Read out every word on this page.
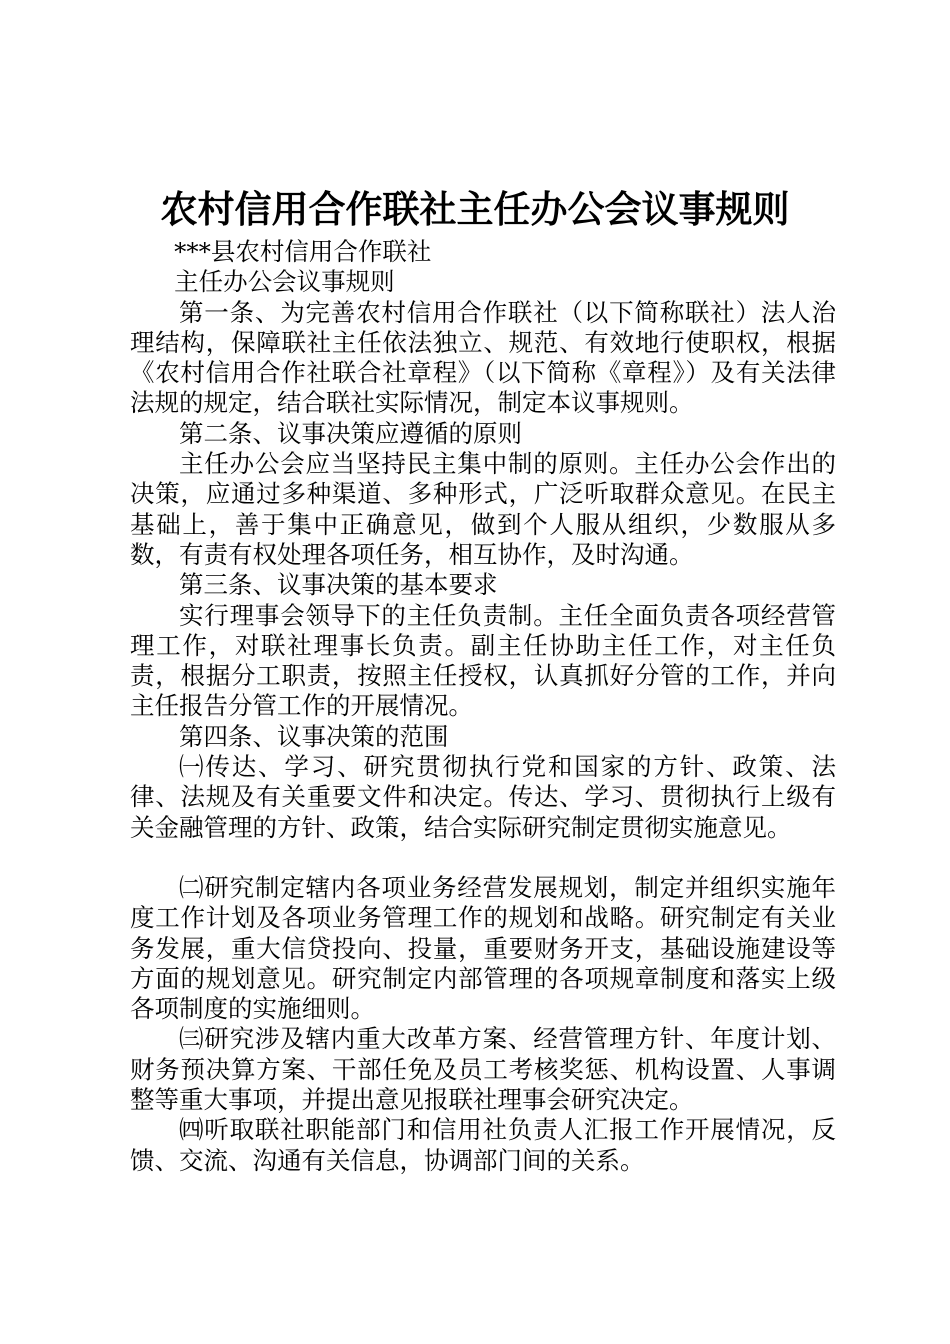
农村信用合作联社主任办公会议事规则

***县农村信用合作联社

主任办公会议事规则

第一条、为完善农村信用合作联社（以下简称联社）法人治理结构，保障联社主任依法独立、规范、有效地行使职权，根据《农村信用合作社联合社章程》（以下简称《章程》）及有关法律法规的规定，结合联社实际情况，制定本议事规则。

第二条、议事决策应遵循的原则

主任办公会应当坚持民主集中制的原则。主任办公会作出的决策，应通过多种渠道、多种形式，广泛听取群众意见。在民主基础上，善于集中正确意见，做到个人服从组织，少数服从多数，有责有权处理各项任务，相互协作，及时沟通。

第三条、议事决策的基本要求

实行理事会领导下的主任负责制。主任全面负责各项经营管理工作，对联社理事长负责。副主任协助主任工作，对主任负责，根据分工职责，按照主任授权，认真抓好分管的工作，并向主任报告分管工作的开展情况。

第四条、议事决策的范围

㈠传达、学习、研究贯彻执行党和国家的方针、政策、法律、法规及有关重要文件和决定。传达、学习、贯彻执行上级有关金融管理的方针、政策，结合实际研究制定贯彻实施意见。

㈡研究制定辖内各项业务经营发展规划，制定并组织实施年度工作计划及各项业务管理工作的规划和战略。研究制定有关业务发展，重大信贷投向、投量，重要财务开支，基础设施建设等方面的规划意见。研究制定内部管理的各项规章制度和落实上级各项制度的实施细则。

㈢研究涉及辖内重大改革方案、经营管理方针、年度计划、财务预决算方案、干部任免及员工考核奖惩、机构设置、人事调整等重大事项，并提出意见报联社理事会研究决定。

㈣听取联社职能部门和信用社负责人汇报工作开展情况，反馈、交流、沟通有关信息，协调部门间的关系。
